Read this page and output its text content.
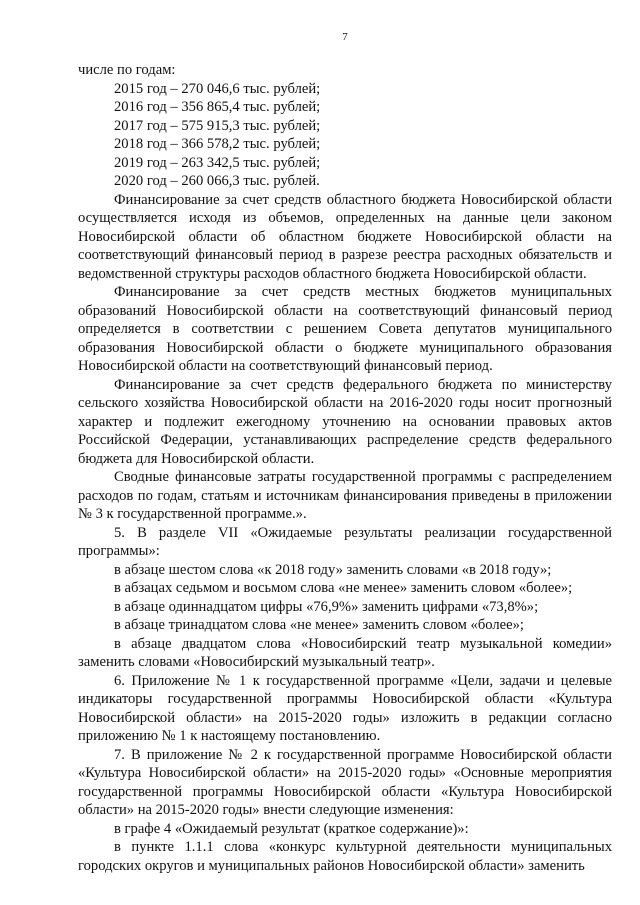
7
числе по годам:
2015 год – 270 046,6 тыс. рублей;
2016 год – 356 865,4 тыс. рублей;
2017 год – 575 915,3 тыс. рублей;
2018 год – 366 578,2 тыс. рублей;
2019 год – 263 342,5 тыс. рублей;
2020 год – 260 066,3 тыс. рублей.

Финансирование за счет средств областного бюджета Новосибирской области осуществляется исходя из объемов, определенных на данные цели законом Новосибирской области об областном бюджете Новосибирской области на соответствующий финансовый период в разрезе реестра расходных обязательств и ведомственной структуры расходов областного бюджета Новосибирской области.

Финансирование за счет средств местных бюджетов муниципальных образований Новосибирской области на соответствующий финансовый период определяется в соответствии с решением Совета депутатов муниципального образования Новосибирской области о бюджете муниципального образования Новосибирской области на соответствующий финансовый период.

Финансирование за счет средств федерального бюджета по министерству сельского хозяйства Новосибирской области на 2016-2020 годы носит прогнозный характер и подлежит ежегодному уточнению на основании правовых актов Российской Федерации, устанавливающих распределение средств федерального бюджета для Новосибирской области.

Сводные финансовые затраты государственной программы с распределением расходов по годам, статьям и источникам финансирования приведены в приложении № 3 к государственной программе.».

5. В разделе VII «Ожидаемые результаты реализации государственной программы»:

в абзаце шестом слова «к 2018 году» заменить словами «в 2018 году»;

в абзацах седьмом и восьмом слова «не менее» заменить словом «более»;

в абзаце одиннадцатом цифры «76,9%» заменить цифрами «73,8%»;

в абзаце тринадцатом слова «не менее» заменить словом «более»;

в абзаце двадцатом слова «Новосибирский театр музыкальной комедии» заменить словами «Новосибирский музыкальный театр».

6. Приложение № 1 к государственной программе «Цели, задачи и целевые индикаторы государственной программы Новосибирской области «Культура Новосибирской области» на 2015-2020 годы» изложить в редакции согласно приложению № 1 к настоящему постановлению.

7. В приложение № 2 к государственной программе Новосибирской области «Культура Новосибирской области» на 2015-2020 годы» «Основные мероприятия государственной программы Новосибирской области «Культура Новосибирской области» на 2015-2020 годы» внести следующие изменения:

в графе 4 «Ожидаемый результат (краткое содержание)»:

в пункте 1.1.1 слова «конкурс культурной деятельности муниципальных городских округов и муниципальных районов Новосибирской области» заменить
